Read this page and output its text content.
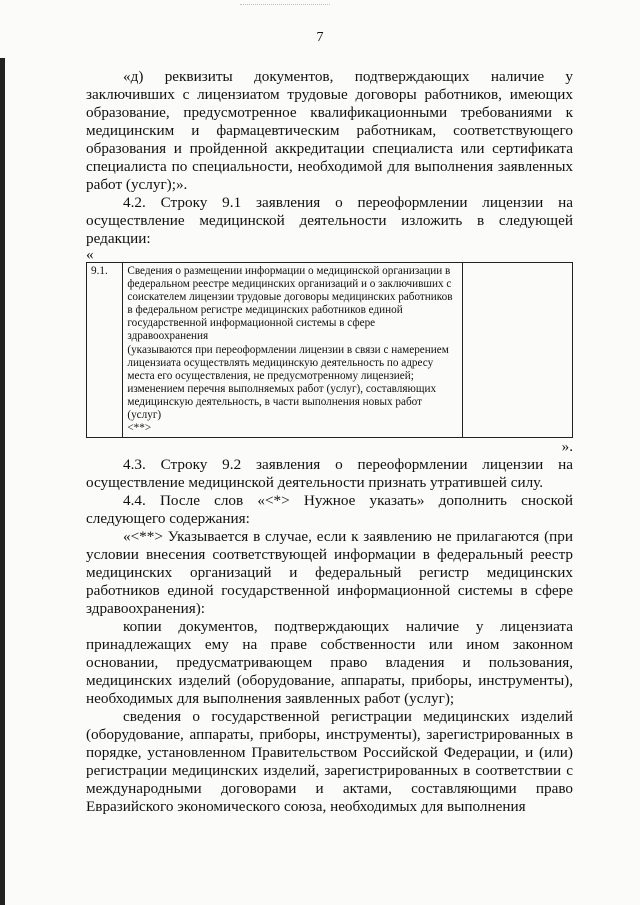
7

«д) реквизиты документов, подтверждающих наличие у заключивших с лицензиатом трудовые договоры работников, имеющих образование, предусмотренное квалификационными требованиями к медицинским и фармацевтическим работникам, соответствующего образования и пройденной аккредитации специалиста или сертификата специалиста по специальности, необходимой для выполнения заявленных работ (услуг);».

4.2. Строку 9.1 заявления о переоформлении лицензии на осуществление медицинской деятельности изложить в следующей редакции:

«

9.1.	Сведения о размещении информации о медицинской организации в федеральном реестре медицинских организаций и о заключивших с соискателем лицензии трудовые договоры медицинских работников в федеральном регистре медицинских работников единой государственной информационной системы в сфере здравоохранения
(указываются при переоформлении лицензии в связи с намерением лицензиата осуществлять медицинскую деятельность по адресу места его осуществления, не предусмотренному лицензией; изменением перечня выполняемых работ (услуг), составляющих медицинскую деятельность, в части выполнения новых работ (услуг)
<**>	

».

4.3. Строку 9.2 заявления о переоформлении лицензии на осуществление медицинской деятельности признать утратившей силу.

4.4. После слов «<*> Нужное указать» дополнить сноской следующего содержания:

«<**> Указывается в случае, если к заявлению не прилагаются (при условии внесения соответствующей информации в федеральный реестр медицинских организаций и федеральный регистр медицинских работников единой государственной информационной системы в сфере здравоохранения):

копии документов, подтверждающих наличие у лицензиата принадлежащих ему на праве собственности или ином законном основании, предусматривающем право владения и пользования, медицинских изделий (оборудование, аппараты, приборы, инструменты), необходимых для выполнения заявленных работ (услуг);

сведения о государственной регистрации медицинских изделий (оборудование, аппараты, приборы, инструменты), зарегистрированных в порядке, установленном Правительством Российской Федерации, и (или) регистрации медицинских изделий, зарегистрированных в соответствии с международными договорами и актами, составляющими право Евразийского экономического союза, необходимых для выполнения
